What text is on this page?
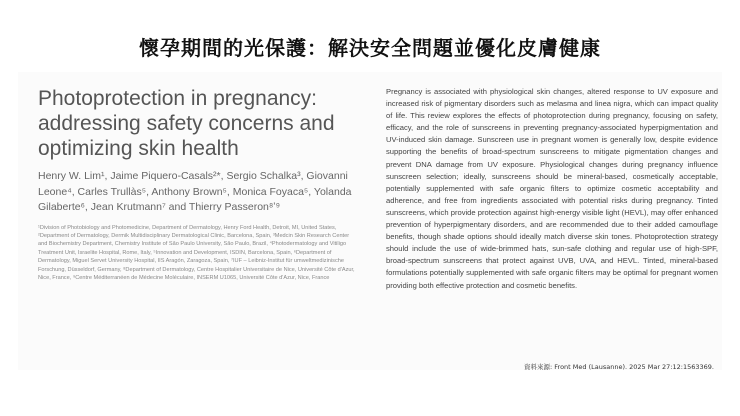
懷孕期間的光保護：解決安全問題並優化皮膚健康
Photoprotection in pregnancy: addressing safety concerns and optimizing skin health

Henry W. Lim¹, Jaime Piquero-Casals²*, Sergio Schalka³, Giovanni Leone⁴, Carles Trullàs⁵, Anthony Brown⁵, Monica Foyaca⁵, Yolanda Gilaberte⁶, Jean Krutmann⁷ and Thierry Passeron⁸ʼ⁹

¹Division of Photobiology and Photomedicine, Department of Dermatology, Henry Ford Health, Detroit, MI, United States, ²Department of Dermatology, Dermik Multidisciplinary Dermatological Clinic, Barcelona, Spain, ³Medcin Skin Research Center and Biochemistry Department, Chemistry Institute of São Paulo University, São Paulo, Brazil, ⁴Photodermatology and Vitiligo Treatment Unit, Israelite Hospital, Rome, Italy, ⁵Innovation and Development, ISDIN, Barcelona, Spain, ⁶Department of Dermatology, Miguel Servet University Hospital, IIS Aragón, Zaragoza, Spain, ⁷IUF – Leibniz-Institut für umweltmedizinische Forschung, Düsseldorf, Germany, ⁸Department of Dermatology, Centre Hospitalier Universitaire de Nice, Université Côte d'Azur, Nice, France, ⁹Centre Méditerranéen de Médecine Moléculaire, INSERM U1065, Université Côte d'Azur, Nice, France

Pregnancy is associated with physiological skin changes, altered response to UV exposure and increased risk of pigmentary disorders such as melasma and linea nigra, which can impact quality of life. This review explores the effects of photoprotection during pregnancy, focusing on safety, efficacy, and the role of sunscreens in preventing pregnancy-associated hyperpigmentation and UV-induced skin damage. Sunscreen use in pregnant women is generally low, despite evidence supporting the benefits of broad-spectrum sunscreens to mitigate pigmentation changes and prevent DNA damage from UV exposure. Physiological changes during pregnancy influence sunscreen selection; ideally, sunscreens should be mineral-based, cosmetically acceptable, potentially supplemented with safe organic filters to optimize cosmetic acceptability and adherence, and free from ingredients associated with potential risks during pregnancy. Tinted sunscreens, which provide protection against high-energy visible light (HEVL), may offer enhanced prevention of hyperpigmentary disorders, and are recommended due to their added camouflage benefits, though shade options should ideally match diverse skin tones. Photoprotection strategy should include the use of wide-brimmed hats, sun-safe clothing and regular use of high-SPF, broad-spectrum sunscreens that protect against UVB, UVA, and HEVL. Tinted, mineral-based formulations potentially supplemented with safe organic filters may be optimal for pregnant women providing both effective protection and cosmetic benefits.

資料來源: Front Med (Lausanne). 2025 Mar 27:12:1563369.
